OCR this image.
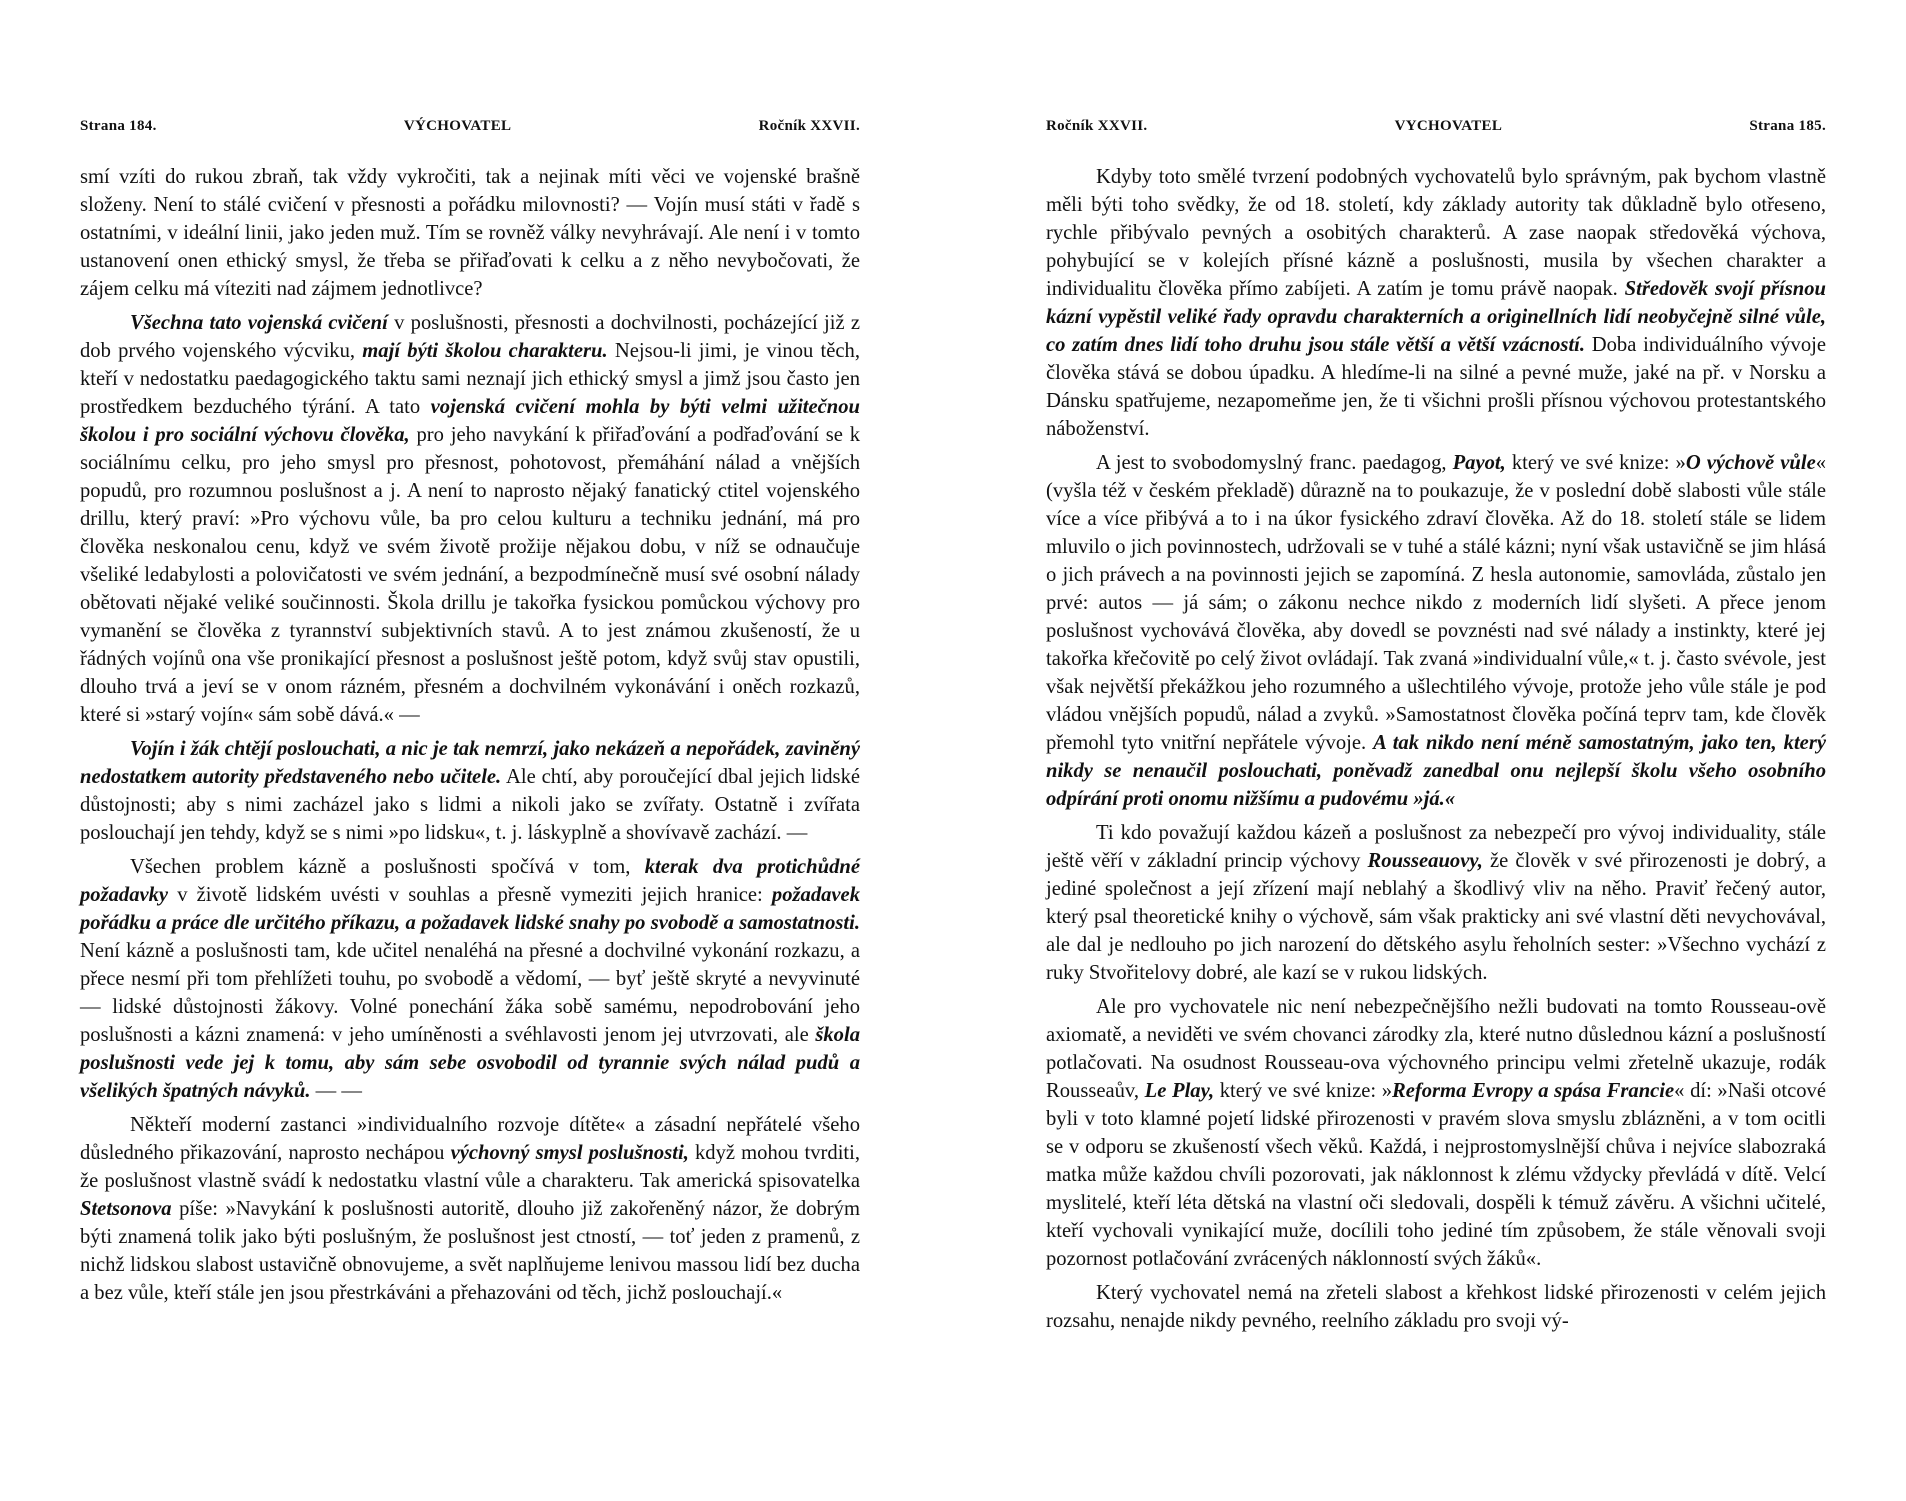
Strana 184.	VÝCHOVATEL	Ročník XXVII.

smí vzíti do rukou zbraň, tak vždy vykročiti, tak a nejinak míti věci ve vojenské brašně složeny. Není to stálé cvičení v přesnosti a pořádku milovnosti? — Vojín musí státi v řadě s ostatními, v ideální linii, jako jeden muž. Tím se rovněž války nevyhrávají. Ale není i v tomto ustanovení onen ethický smysl, že třeba se přiřaďovati k celku a z něho nevybočovati, že zájem celku má víteziti nad zájmem jednotlivce?

Všechna tato vojenská cvičení v poslušnosti, přesnosti a dochvilnosti, pocházející již z dob prvého vojenského výcviku, mají býti školou charakteru. Nejsou-li jimi, je vinou těch, kteří v nedostatku paedagogického taktu sami neznají jich ethický smysl a jimž jsou často jen prostředkem bezduchého týrání. A tato vojenská cvičení mohla by býti velmi užitečnou školou i pro sociální výchovu člověka, pro jeho navykání k přiřaďování a podřaďování se k sociálnímu celku, pro jeho smysl pro přesnost, pohotovost, přemáhání nálad a vnějších popudů, pro rozumnou poslušnost a j. A není to naprosto nějaký fanatický ctitel vojenského drillu, který praví: »Pro výchovu vůle, ba pro celou kulturu a techniku jednání, má pro člověka neskonalou cenu, když ve svém životě prožije nějakou dobu, v níž se odnaučuje všeliké ledabylosti a polovičatosti ve svém jednání, a bezpodmínečně musí své osobní nálady obětovati nějaké veliké součinnosti. Škola drillu je takořka fysickou pomůckou výchovy pro vymanění se člověka z tyrannství subjektivních stavů. A to jest známou zkušeností, že u řádných vojínů ona vše pronikající přesnost a poslušnost ještě potom, když svůj stav opustili, dlouho trvá a jeví se v onom rázném, přesném a dochvilném vykonávání i oněch rozkazů, které si »starý vojín« sám sobě dává.« —

Vojín i žák chtějí poslouchati, a nic je tak nemrzí, jako nekázeň a nepořádek, zaviněný nedostatkem autority představeného nebo učitele. Ale chtí, aby poroučející dbal jejich lidské důstojnosti; aby s nimi zacházel jako s lidmi a nikoli jako se zvířaty. Ostatně i zvířata poslouchají jen tehdy, když se s nimi »po lidsku«, t. j. láskyplně a shovívavě zachází. —

Všechen problem kázně a poslušnosti spočívá v tom, kterak dva protichůdné požadavky v životě lidském uvésti v souhlas a přesně vymeziti jejich hranice: požadavek pořádku a práce dle určitého příkazu, a požadavek lidské snahy po svobodě a samostatnosti. Není kázně a poslušnosti tam, kde učitel nenaléhá na přesné a dochvilné vykonání rozkazu, a přece nesmí při tom přehlížeti touhu, po svobodě a vědomí, — byť ještě skryté a nevyvinuté — lidské důstojnosti žákovy. Volné ponechání žáka sobě samému, nepodrobování jeho poslušnosti a kázni znamená: v jeho umíněnosti a svéhlavosti jenom jej utvrzovati, ale škola poslušnosti vede jej k tomu, aby sám sebe osvobodil od tyrannie svých nálad pudů a všelikých špatných návyků. — —

Někteří moderní zastanci »individualního rozvoje dítěte« a zásadní nepřátelé všeho důsledného přikazování, naprosto nechápou výchovný smysl poslušnosti, když mohou tvrditi, že poslušnost vlastně svádí k nedostatku vlastní vůle a charakteru. Tak americká spisovatelka Stetsonova píše: »Navykání k poslušnosti autoritě, dlouho již zakořeněný názor, že dobrým býti znamená tolik jako býti poslušným, že poslušnost jest ctností, — toť jeden z pramenů, z nichž lidskou slabost ustavičně obnovujeme, a svět naplňujeme lenivou massou lidí bez ducha a bez vůle, kteří stále jen jsou přestrkáváni a přehazováni od těch, jichž poslouchají.«

Ročník XXVII.	VYCHOVATEL	Strana 185.

Kdyby toto smělé tvrzení podobných vychovatelů bylo správným, pak bychom vlastně měli býti toho svědky, že od 18. století, kdy základy autority tak důkladně bylo otřeseno, rychle přibývalo pevných a osobitých charakterů. A zase naopak středověká výchova, pohybující se v kolejích přísné kázně a poslušnosti, musila by všechen charakter a individualitu člověka přímo zabíjeti. A zatím je tomu právě naopak. Středověk svojí přísnou kázní vypěstil veliké řady opravdu charakterních a originellních lidí neobyčejně silné vůle, co zatím dnes lidí toho druhu jsou stále větší a větší vzácností. Doba individuálního vývoje člověka stává se dobou úpadku. A hledíme-li na silné a pevné muže, jaké na př. v Norsku a Dánsku spatřujeme, nezapomeňme jen, že ti všichni prošli přísnou výchovou protestantského náboženství.

A jest to svobodomyslný franc. paedagog, Payot, který ve své knize: »O výchově vůle« (vyšla též v českém překladě) důrazně na to poukazuje, že v poslední době slabosti vůle stále více a více přibývá a to i na úkor fysického zdraví člověka. Až do 18. století stále se lidem mluvilo o jich povinnostech, udržovali se v tuhé a stálé kázni; nyní však ustavičně se jim hlásá o jich právech a na povinnosti jejich se zapomíná. Z hesla autonomie, samovláda, zůstalo jen prvé: autos — já sám; o zákonu nechce nikdo z moderních lidí slyšeti. A přece jenom poslušnost vychovává člověka, aby dovedl se povznésti nad své nálady a instinkty, které jej takořka křečovitě po celý život ovládají. Tak zvaná »individualní vůle,« t. j. často svévole, jest však největší překážkou jeho rozumného a ušlechtilého vývoje, protože jeho vůle stále je pod vládou vnějších popudů, nálad a zvyků. »Samostatnost člověka počíná teprv tam, kde člověk přemohl tyto vnitřní nepřátele vývoje. A tak nikdo není méně samostatným, jako ten, který nikdy se nenaučil poslouchati, poněvadž zanedbal onu nejlepší školu všeho osobního odpírání proti onomu nižšímu a pudovému »já.«

Ti kdo považují každou kázeň a poslušnost za nebezpečí pro vývoj individuality, stále ještě věří v základní princip výchovy Rousseauovy, že člověk v své přirozenosti je dobrý, a jediné společnost a její zřízení mají neblahý a škodlivý vliv na něho. Praviť řečený autor, který psal theoretické knihy o výchově, sám však prakticky ani své vlastní děti nevychovával, ale dal je nedlouho po jich narození do dětského asylu řeholních sester: »Všechno vychází z ruky Stvořitelovy dobré, ale kazí se v rukou lidských.

Ale pro vychovatele nic není nebezpečnějšího nežli budovati na tomto Rousseau-ově axiomatě, a neviděti ve svém chovanci zárodky zla, které nutno důslednou kázní a poslušností potlačovati. Na osudnost Rousseau-ova výchovného principu velmi zřetelně ukazuje, rodák Rousseaův, Le Play, který ve své knize: »Reforma Evropy a spása Francie« dí: »Naši otcové byli v toto klamné pojetí lidské přirozenosti v pravém slova smyslu zblázněni, a v tom ocitli se v odporu se zkušeností všech věků. Každá, i nejprostomyslnější chůva i nejvíce slabozraká matka může každou chvíli pozorovati, jak náklonnost k zlému vždycky převládá v dítě. Velcí myslitelé, kteří léta dětská na vlastní oči sledovali, dospěli k témuž závěru. A všichni učitelé, kteří vychovali vynikající muže, docílili toho jediné tím způsobem, že stále věnovali svoji pozornost potlačování zvrácených náklonností svých žáků«.

Který vychovatel nemá na zřeteli slabost a křehkost lidské přirozenosti v celém jejich rozsahu, nenajde nikdy pevného, reelního základu pro svoji vý-
